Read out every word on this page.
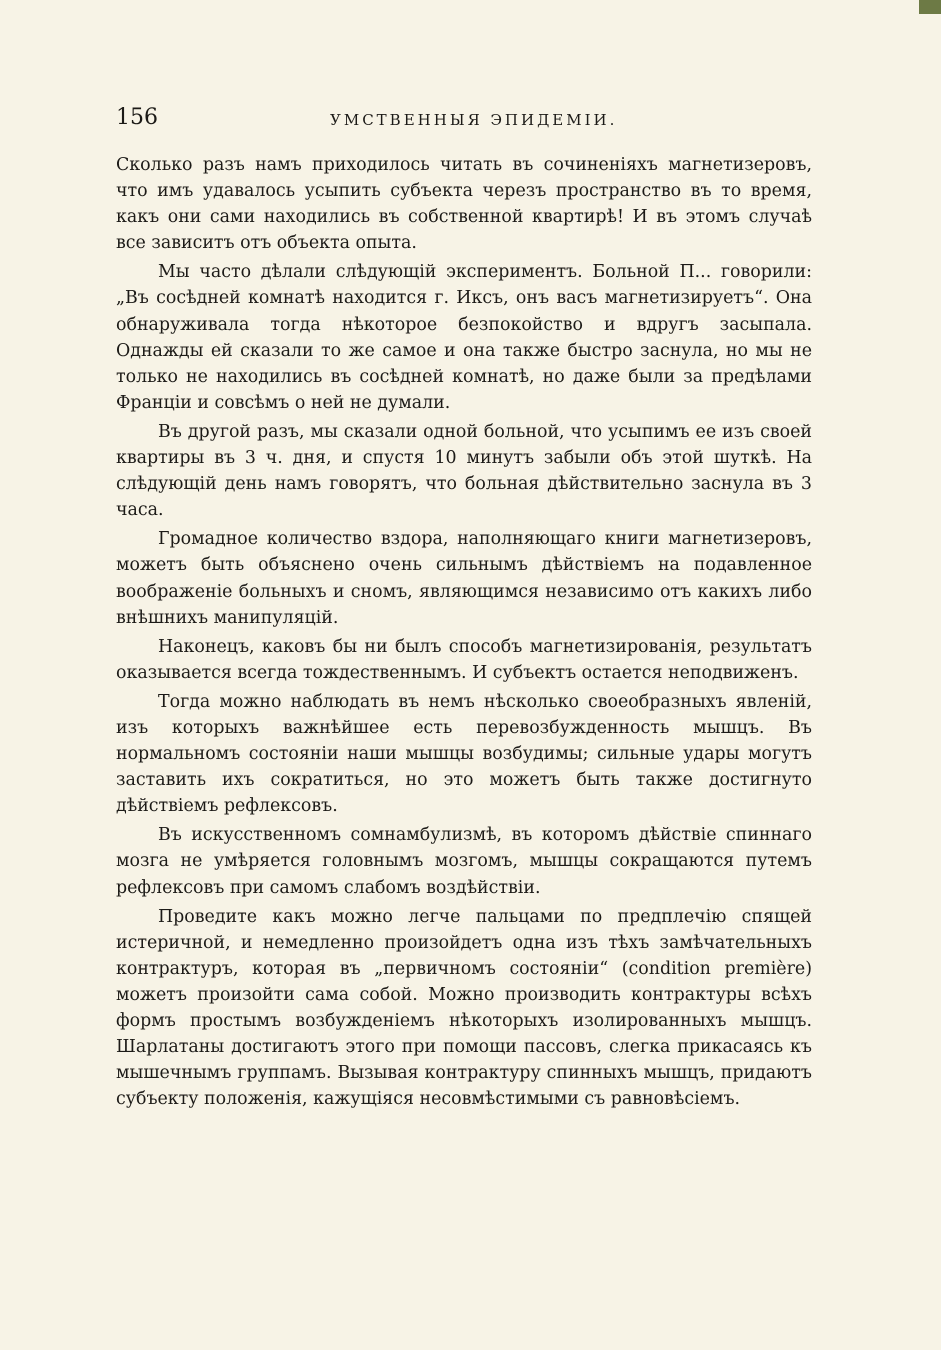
156	УМСТВЕННЫЯ ЭПИДЕМІИ.

Сколько разъ намъ приходилось читать въ сочиненіяхъ магнетизеровъ, что имъ удавалось усыпить субъекта черезъ пространство въ то время, какъ они сами находились въ собственной квартирѣ! И въ этомъ случаѣ все зависитъ отъ объекта опыта.

Мы часто дѣлали слѣдующій экспериментъ. Больной П... говорили: „Въ сосѣдней комнатѣ находится г. Иксъ, онъ васъ магнетизируетъ“. Она обнаруживала тогда нѣкоторое безпокойство и вдругъ засыпала. Однажды ей сказали то же самое и она также быстро заснула, но мы не только не находились въ сосѣдней комнатѣ, но даже были за предѣлами Франціи и совсѣмъ о ней не думали.

Въ другой разъ, мы сказали одной больной, что усыпимъ ее изъ своей квартиры въ 3 ч. дня, и спустя 10 минутъ забыли объ этой шуткѣ. На слѣдующій день намъ говорятъ, что больная дѣйствительно заснула въ 3 часа.

Громадное количество вздора, наполняющаго книги магнетизеровъ, можетъ быть объяснено очень сильнымъ дѣйствіемъ на подавленное воображеніе больныхъ и сномъ, являющимся независимо отъ какихъ либо внѣшнихъ манипуляцій.

Наконецъ, каковъ бы ни былъ способъ магнетизированія, результатъ оказывается всегда тождественнымъ. И субъектъ остается неподвиженъ.

Тогда можно наблюдать въ немъ нѣсколько своеобразныхъ явленій, изъ которыхъ важнѣйшее есть перевозбужденность мышцъ. Въ нормальномъ состояніи наши мышцы возбудимы; сильные удары могутъ заставить ихъ сократиться, но это можетъ быть также достигнуто дѣйствіемъ рефлексовъ.

Въ искусственномъ сомнамбулизмѣ, въ которомъ дѣйствіе спиннаго мозга не умѣряется головнымъ мозгомъ, мышцы сокращаются путемъ рефлексовъ при самомъ слабомъ воздѣйствіи.

Проведите какъ можно легче пальцами по предплечію спящей истеричной, и немедленно произойдетъ одна изъ тѣхъ замѣчательныхъ контрактуръ, которая въ „первичномъ состояніи“ (condition première) можетъ произойти сама собой. Можно производить контрактуры всѣхъ формъ простымъ возбужденіемъ нѣкоторыхъ изолированныхъ мышцъ. Шарлатаны достигаютъ этого при помощи пассовъ, слегка прикасаясь къ мышечнымъ группамъ. Вызывая контрактуру спинныхъ мышцъ, придаютъ субъекту положенія, кажущіяся несовмѣстимыми съ равновѣсіемъ.
